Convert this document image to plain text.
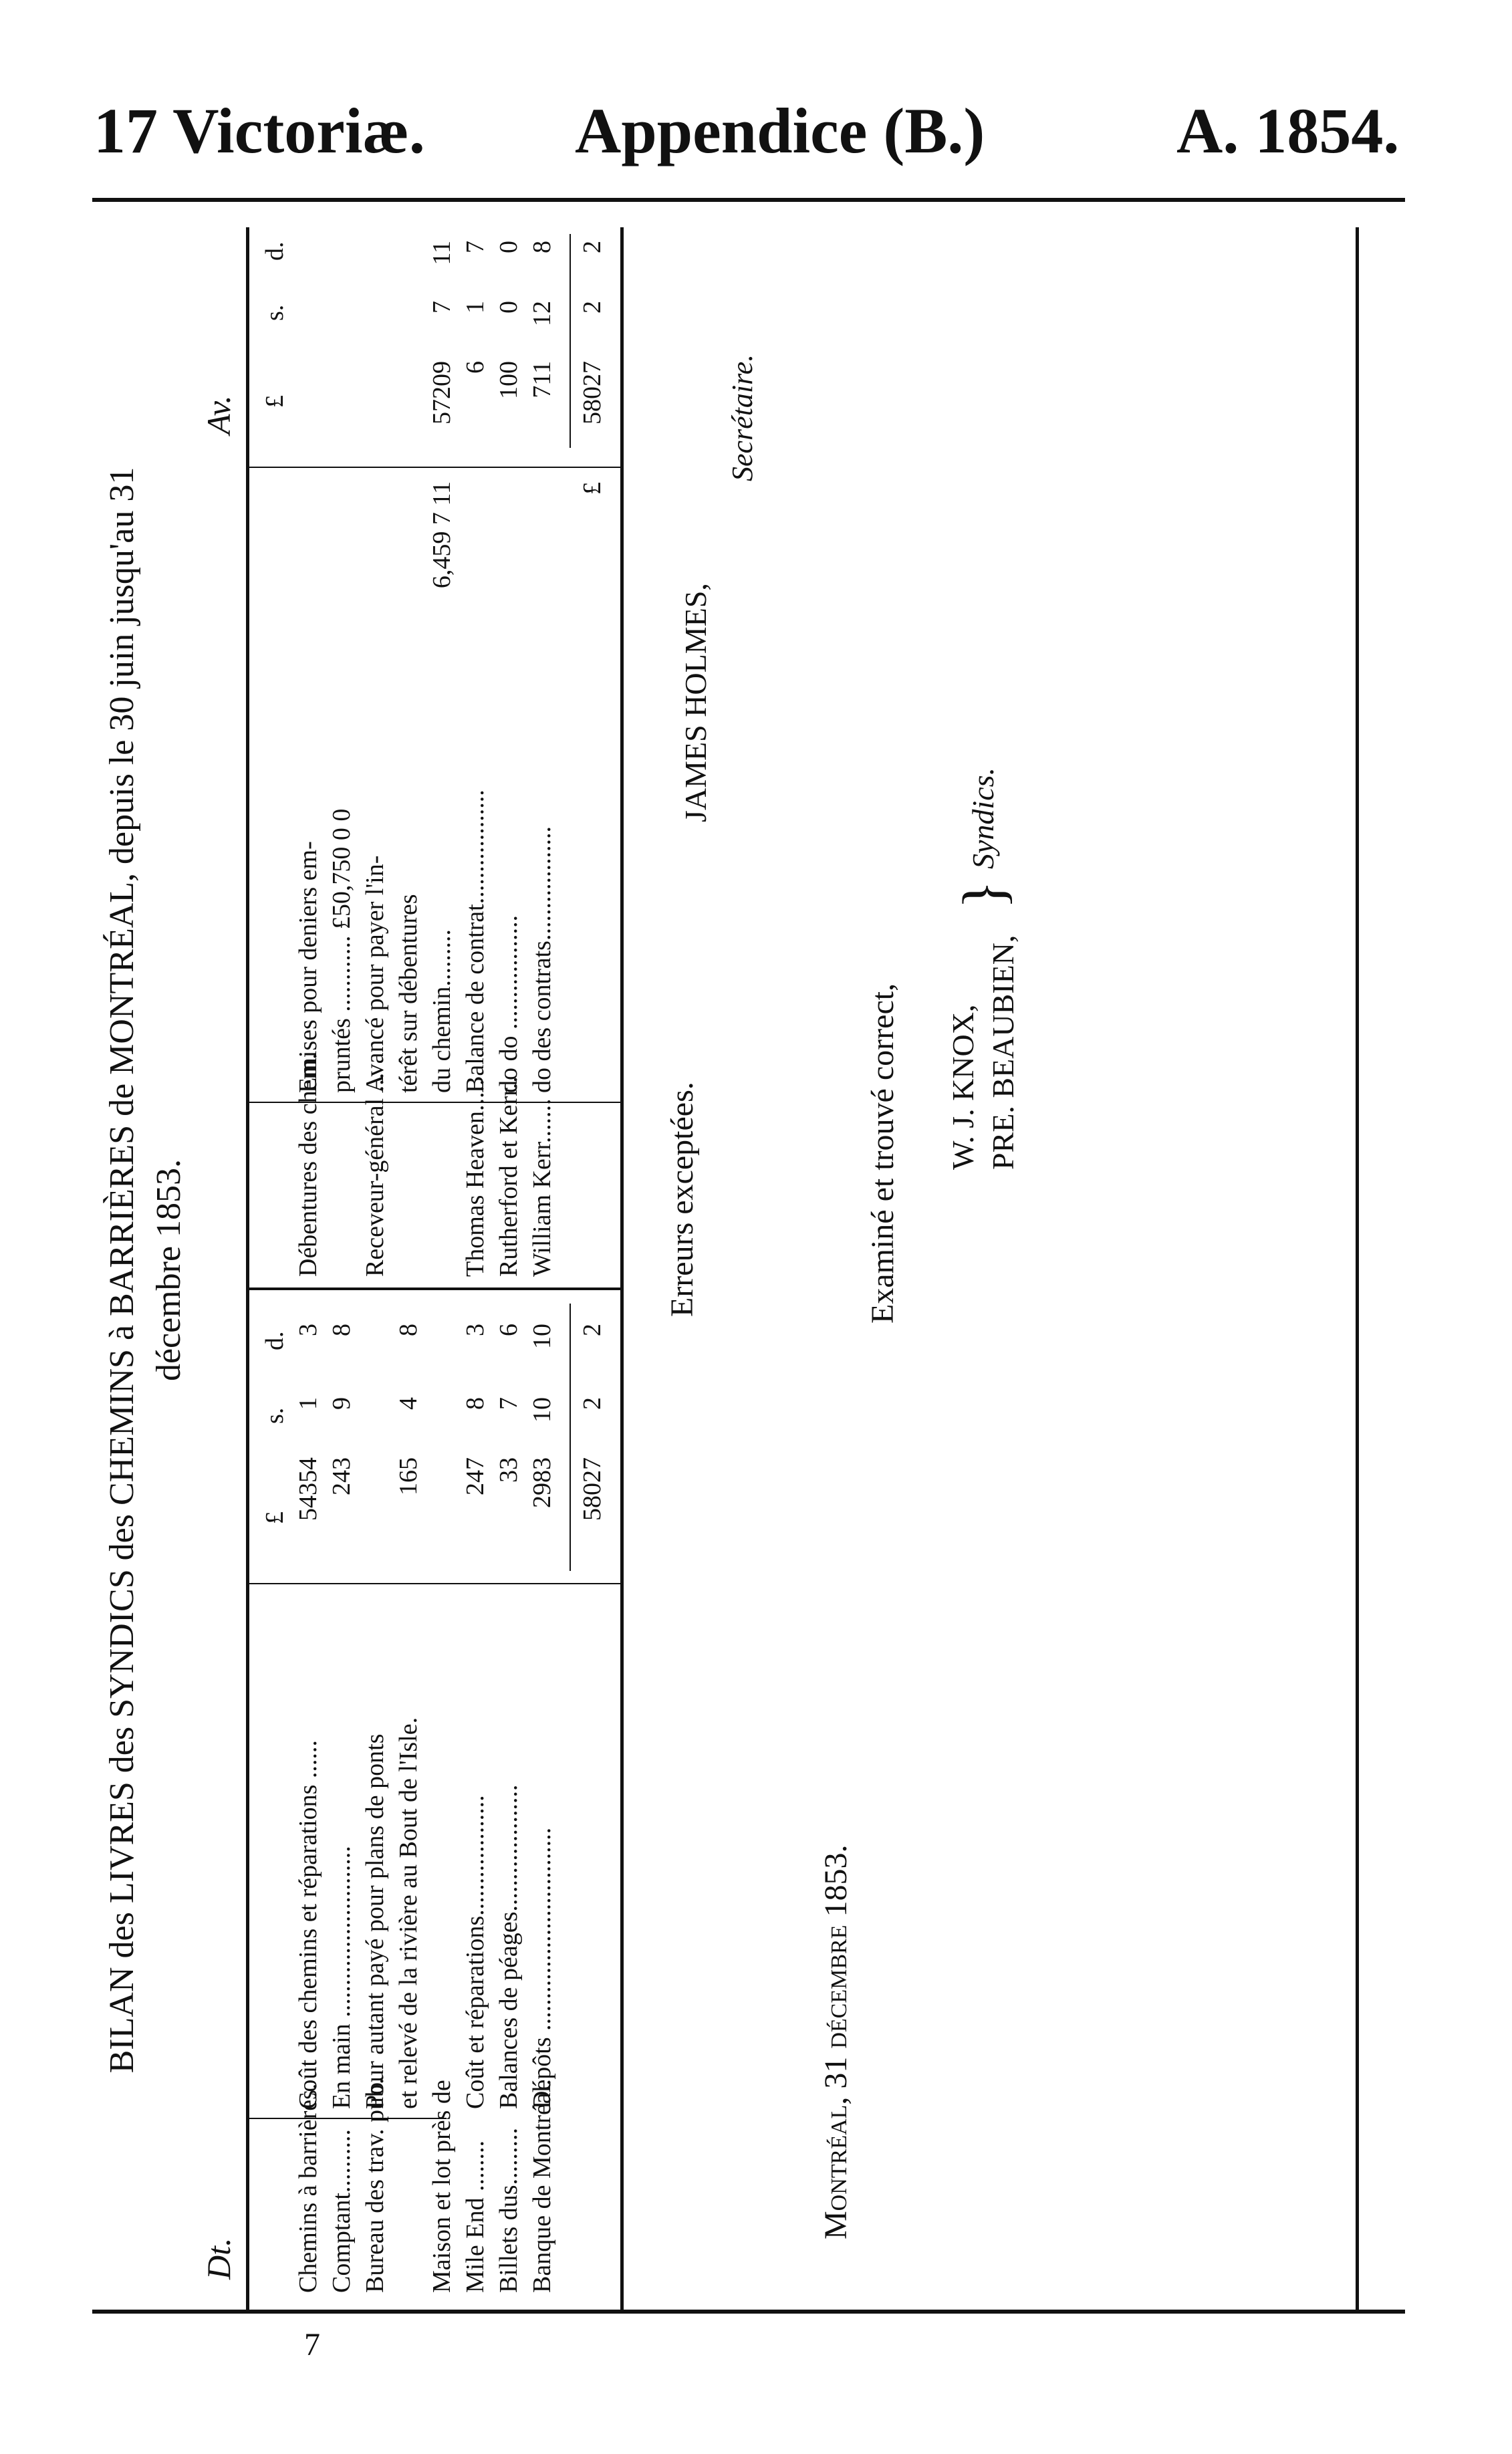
17 Victoriæ. Appendice (B.)	A. 1854.
BILAN des LIVRES des SYNDICS des CHEMINS à BARRIÈRES de MONTRÉAL, depuis le 30 juin jusqu'au 31 décembre 1853.
Dt.
Av.
£
s.
d.
£
s.
d.
Chemins à barrières.
Coût des chemins et réparations ......
54354
1
3
Comptant..........
En main ...........................
243
9
8
Bureau des trav. pub.
Pour autant payé pour plans de ponts et relevé de la rivière au Bout de l'Isle.
165
4
8
Maison et lot près de Mile End ........
Coût et réparations...................
247
8
3
Billets dus.........
Balances de péages....................
33
7
6
Banque de Montréal.
Dépôts ................................
2983
10
10
58027
2
2
Débentures des chem.
Emises pour deniers em- pruntés ............ £50,750 0 0
Receveur-général ...
Avancé pour payer l'in- térêt sur débentures du chemin.........
6,459 7 11
57209
7
11
Thomas Heaven.....
Balance de contrat..................
6
1
7
Rutherford et Kerr..
do do ..................
100
0
0
William Kerr.......
do des contrats..................
711
12
8
£
58027
2
2
Montréal, 31 décembre 1853.
Erreurs exceptées.
JAMES HOLMES,
Secrétaire.
Examiné et trouvé correct, W. J. KNOX, PRE. BEAUBIEN,
}
Syndics.
7
